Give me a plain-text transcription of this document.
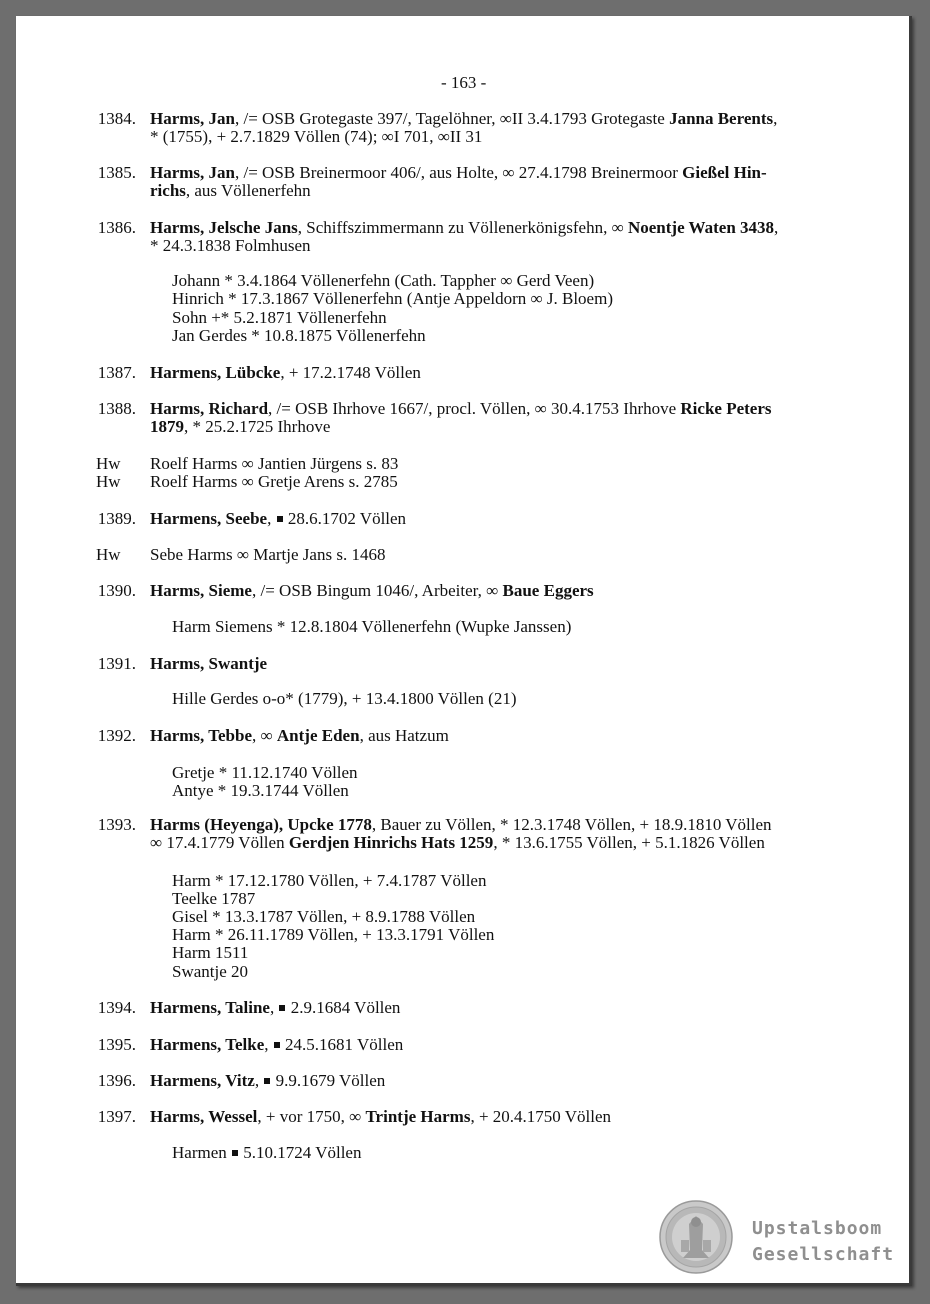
- 163 -
1384. Harms, Jan, /= OSB Grotegaste 397/, Tagelöhner, ∞II 3.4.1793 Grotegaste Janna Berents,
* (1755), + 2.7.1829 Völlen (74); ∞I 701, ∞II 31
1385. Harms, Jan, /= OSB Breinermoor 406/, aus Holte, ∞ 27.4.1798 Breinermoor Gießel Hin-
richs, aus Völlenerfehn
1386. Harms, Jelsche Jans, Schiffszimmermann zu Völlenerkönigsfehn, ∞ Noentje Waten 3438,
* 24.3.1838 Folmhusen
Johann * 3.4.1864 Völlenerfehn (Cath. Tappher ∞ Gerd Veen)
Hinrich * 17.3.1867 Völlenerfehn (Antje Appeldorn ∞ J. Bloem)
Sohn +* 5.2.1871 Völlenerfehn
Jan Gerdes * 10.8.1875 Völlenerfehn
1387. Harmens, Lübcke, + 17.2.1748 Völlen
1388. Harms, Richard, /= OSB Ihrhove 1667/, procl. Völlen, ∞ 30.4.1753 Ihrhove Ricke Peters
1879, * 25.2.1725 Ihrhove
Hw Roelf Harms ∞ Jantien Jürgens s. 83
Hw Roelf Harms ∞ Gretje Arens s. 2785
1389. Harmens, Seebe,  28.6.1702 Völlen
Hw Sebe Harms ∞ Martje Jans s. 1468
1390. Harms, Sieme, /= OSB Bingum 1046/, Arbeiter, ∞ Baue Eggers
Harm Siemens * 12.8.1804 Völlenerfehn (Wupke Janssen)
1391. Harms, Swantje
Hille Gerdes o-o* (1779), + 13.4.1800 Völlen (21)
1392. Harms, Tebbe, ∞ Antje Eden, aus Hatzum
Gretje * 11.12.1740 Völlen
Antye * 19.3.1744 Völlen
1393. Harms (Heyenga), Upcke 1778, Bauer zu Völlen, * 12.3.1748 Völlen, + 18.9.1810 Völlen
∞ 17.4.1779 Völlen Gerdjen Hinrichs Hats 1259, * 13.6.1755 Völlen, + 5.1.1826 Völlen
Harm * 17.12.1780 Völlen, + 7.4.1787 Völlen
Teelke 1787
Gisel * 13.3.1787 Völlen, + 8.9.1788 Völlen
Harm * 26.11.1789 Völlen, + 13.3.1791 Völlen
Harm 1511
Swantje 20
1394. Harmens, Taline,  2.9.1684 Völlen
1395. Harmens, Telke,  24.5.1681 Völlen
1396. Harmens, Vitz,  9.9.1679 Völlen
1397. Harms, Wessel, + vor 1750, ∞ Trintje Harms, + 20.4.1750 Völlen
Harmen  5.10.1724 Völlen
Upstalsboom
Gesellschaft
